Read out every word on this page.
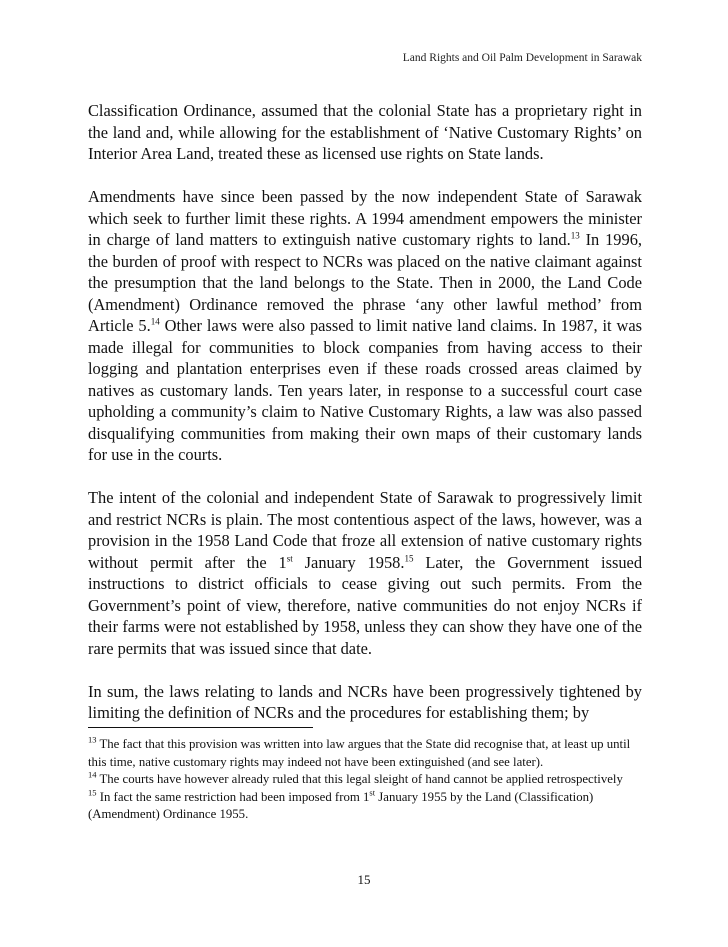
Land Rights and Oil Palm Development in Sarawak

Classification Ordinance, assumed that the colonial State has a proprietary right in the land and, while allowing for the establishment of ‘Native Customary Rights’ on Interior Area Land, treated these as licensed use rights on State lands.

Amendments have since been passed by the now independent State of Sarawak which seek to further limit these rights. A 1994 amendment empowers the minister in charge of land matters to extinguish native customary rights to land.$^{13}$ In 1996, the burden of proof with respect to NCRs was placed on the native claimant against the presumption that the land belongs to the State. Then in 2000, the Land Code (Amendment) Ordinance removed the phrase ‘any other lawful method’ from Article 5.14 Other laws were also passed to limit native land claims. In 1987, it was made illegal for communities to block companies from having access to their logging and plantation enterprises even if these roads crossed areas claimed by natives as customary lands. Ten years later, in response to a successful court case upholding a community’s claim to Native Customary Rights, a law was also passed disqualifying communities from making their own maps of their customary lands for use in the courts.

The intent of the colonial and independent State of Sarawak to progressively limit and restrict NCRs is plain. The most contentious aspect of the laws, however, was a provision in the 1958 Land Code that froze all extension of native customary rights without permit after the 1st January 1958.15 Later, the Government issued instructions to district officials to cease giving out such permits. From the Government’s point of view, therefore, native communities do not enjoy NCRs if their farms were not established by 1958, unless they can show they have one of the rare permits that was issued since that date.

In sum, the laws relating to lands and NCRs have been progressively tightened by limiting the definition of NCRs and the procedures for establishing them; by

$^{13}$ The fact that this provision was written into law argues that the State did recognise that, at least up until this time, native customary rights may indeed not have been extinguished (and see later).

$^{14}$ The courts have however already ruled that this legal sleight of hand cannot be applied retrospectively

$^{15}$ In fact the same restriction had been imposed from 1st January 1955 by the Land (Classification) (Amendment) Ordinance 1955.

15
